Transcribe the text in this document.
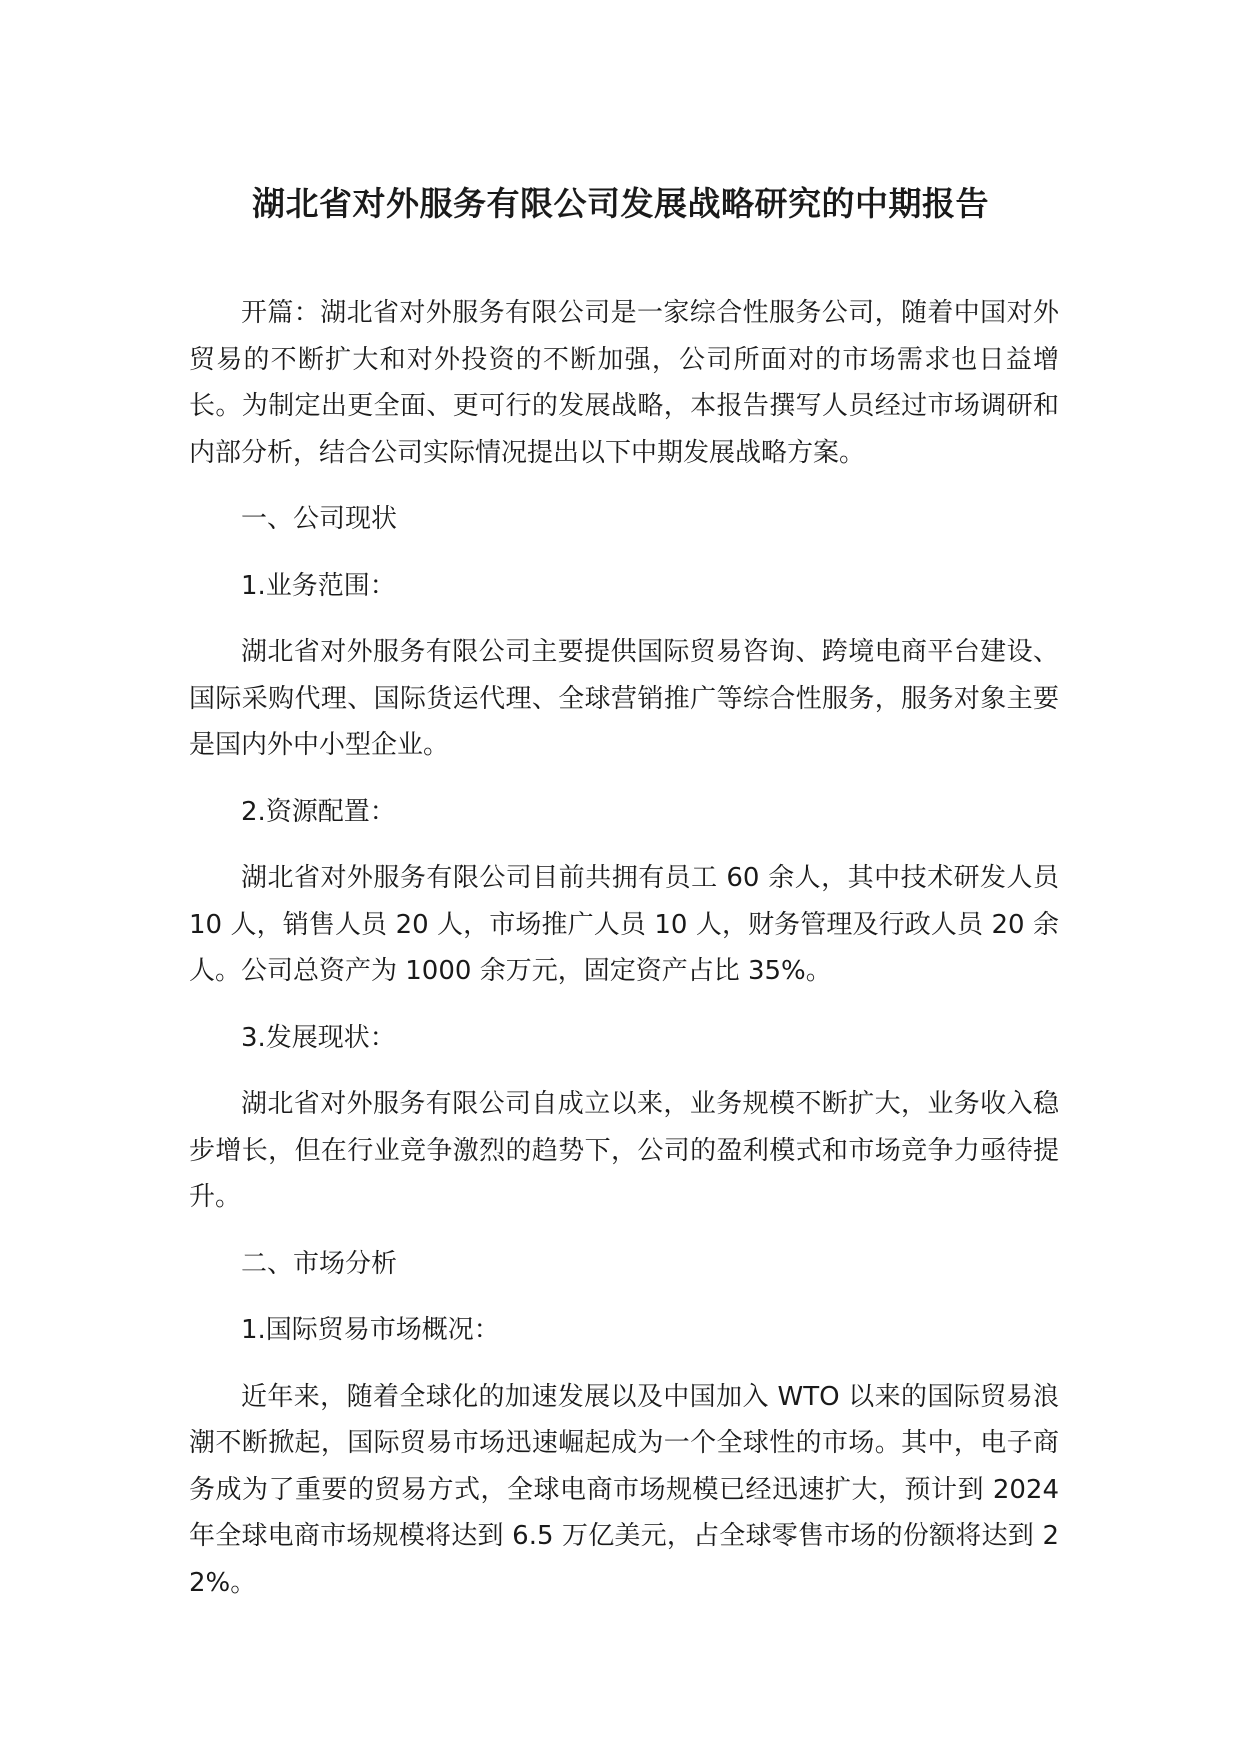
湖北省对外服务有限公司发展战略研究的中期报告

开篇：湖北省对外服务有限公司是一家综合性服务公司，随着中国对外贸易的不断扩大和对外投资的不断加强，公司所面对的市场需求也日益增长。为制定出更全面、更可行的发展战略，本报告撰写人员经过市场调研和内部分析，结合公司实际情况提出以下中期发展战略方案。

一、公司现状

1.业务范围：

湖北省对外服务有限公司主要提供国际贸易咨询、跨境电商平台建设、国际采购代理、国际货运代理、全球营销推广等综合性服务，服务对象主要是国内外中小型企业。

2.资源配置：

湖北省对外服务有限公司目前共拥有员工 60 余人，其中技术研发人员 10 人，销售人员 20 人，市场推广人员 10 人，财务管理及行政人员 20 余人。公司总资产为 1000 余万元，固定资产占比 35%。

3.发展现状：

湖北省对外服务有限公司自成立以来，业务规模不断扩大，业务收入稳步增长，但在行业竞争激烈的趋势下，公司的盈利模式和市场竞争力亟待提升。

二、市场分析

1.国际贸易市场概况：

近年来，随着全球化的加速发展以及中国加入 WTO 以来的国际贸易浪潮不断掀起，国际贸易市场迅速崛起成为一个全球性的市场。其中，电子商务成为了重要的贸易方式，全球电商市场规模已经迅速扩大，预计到 2024 年全球电商市场规模将达到 6.5 万亿美元，占全球零售市场的份额将达到 22%。
